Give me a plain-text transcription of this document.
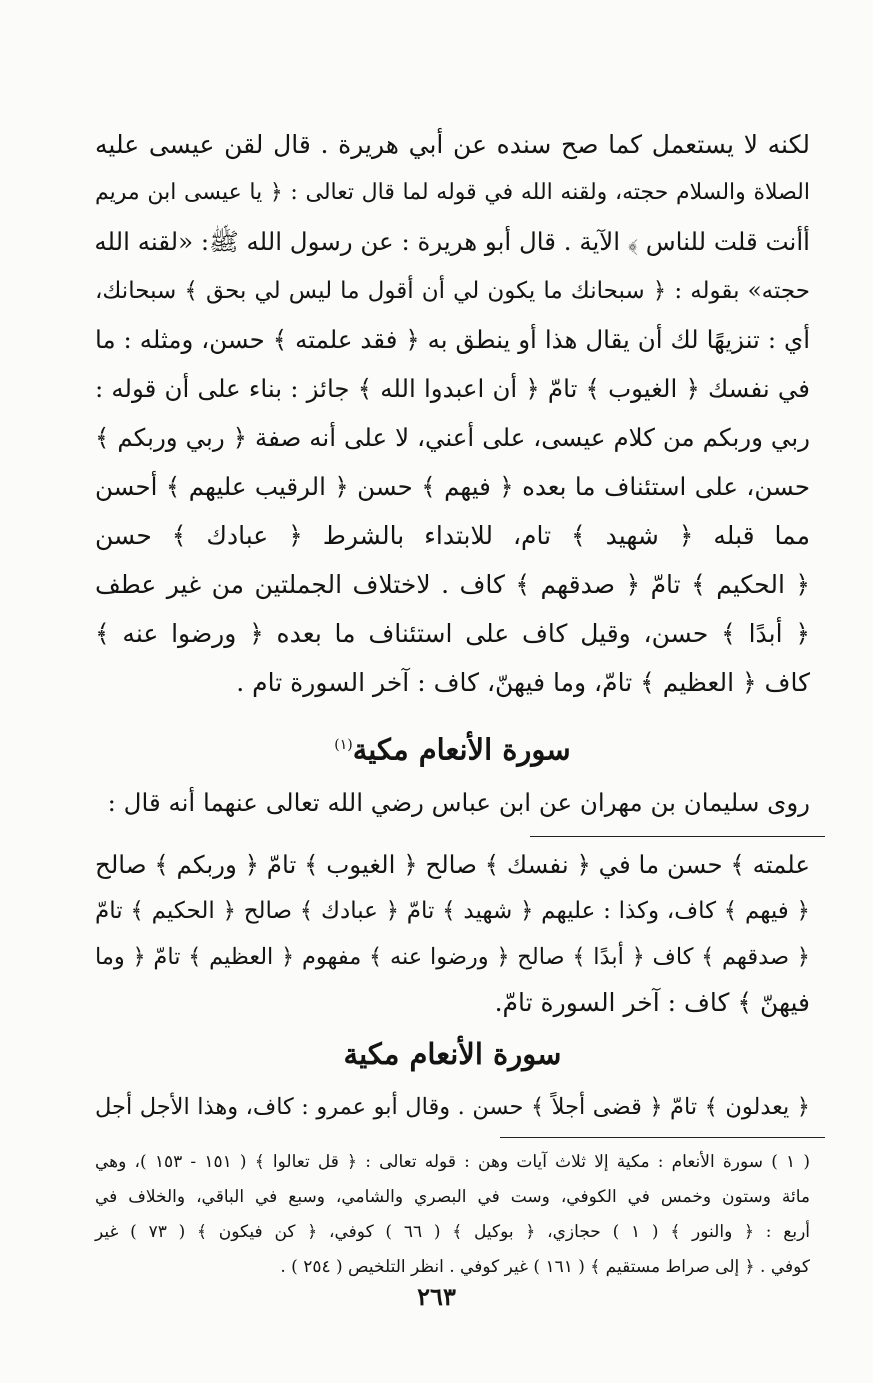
لكنه لا يستعمل كما صح سنده عن أبي هريرة . قال لقن عيسى عليه
الصلاة والسلام حجته، ولقنه الله في قوله لما قال تعالى : ﴿ يا عيسى ابن مريم
أأنت قلت للناس ﴾ الآية . قال أبو هريرة : عن رسول الله ﷺ: «لقنه الله
حجته» بقوله : ﴿ سبحانك ما يكون لي أن أقول ما ليس لي بحق ﴾ سبحانك،
أي : تنزيهًا لك أن يقال هذا أو ينطق به ﴿ فقد علمته ﴾ حسن، ومثله : ما
في نفسك ﴿ الغيوب ﴾ تامّ ﴿ أن اعبدوا الله ﴾ جائز : بناء على أن قوله :
ربي وربكم من كلام عيسى، على أعني، لا على أنه صفة ﴿ ربي وربكم ﴾
حسن، على استئناف ما بعده ﴿ فيهم ﴾ حسن ﴿ الرقيب عليهم ﴾ أحسن
مما قبله ﴿ شهيد ﴾ تام، للابتداء بالشرط ﴿ عبادك ﴾ حسن
﴿ الحكيم ﴾ تامّ ﴿ صدقهم ﴾ كاف . لاختلاف الجملتين من غير عطف
﴿ أبدًا ﴾ حسن، وقيل كاف على استئناف ما بعده ﴿ ورضوا عنه ﴾
كاف ﴿ العظيم ﴾ تامّ، وما فيهنّ، كاف : آخر السورة تام .
سورة الأنعام مكية$^{(١)}$
روى سليمان بن مهران عن ابن عباس رضي الله تعالى عنهما أنه قال :
علمته ﴾ حسن ما في ﴿ نفسك ﴾ صالح ﴿ الغيوب ﴾ تامّ ﴿ وربكم ﴾ صالح
﴿ فيهم ﴾ كاف، وكذا : عليهم ﴿ شهيد ﴾ تامّ ﴿ عبادك ﴾ صالح ﴿ الحكيم ﴾ تامّ
﴿ صدقهم ﴾ كاف ﴿ أبدًا ﴾ صالح ﴿ ورضوا عنه ﴾ مفهوم ﴿ العظيم ﴾ تامّ ﴿ وما
فيهنّ ﴾ كاف : آخر السورة تامّ.
سورة الأنعام مكية
﴿ يعدلون ﴾ تامّ ﴿ قضى أجلاً ﴾ حسن . وقال أبو عمرو : كاف، وهذا الأجل أجل
( ١ ) سورة الأنعام : مكية إلا ثلاث آيات وهن : قوله تعالى : ﴿ قل تعالوا ﴾ ( ١٥١ - ١٥٣ )، وهي
مائة وستون وخمس في الكوفي، وست في البصري والشامي، وسبع في الباقي، والخلاف في
أربع : ﴿ والنور ﴾ ( ١ ) حجازي، ﴿ بوكيل ﴾ ( ٦٦ ) كوفي، ﴿ كن فيكون ﴾ ( ٧٣ ) غير
كوفي . ﴿ إلى صراط مستقيم ﴾ ( ١٦١ ) غير كوفي . انظر التلخيص ( ٢٥٤ ) .
٢٦٣
